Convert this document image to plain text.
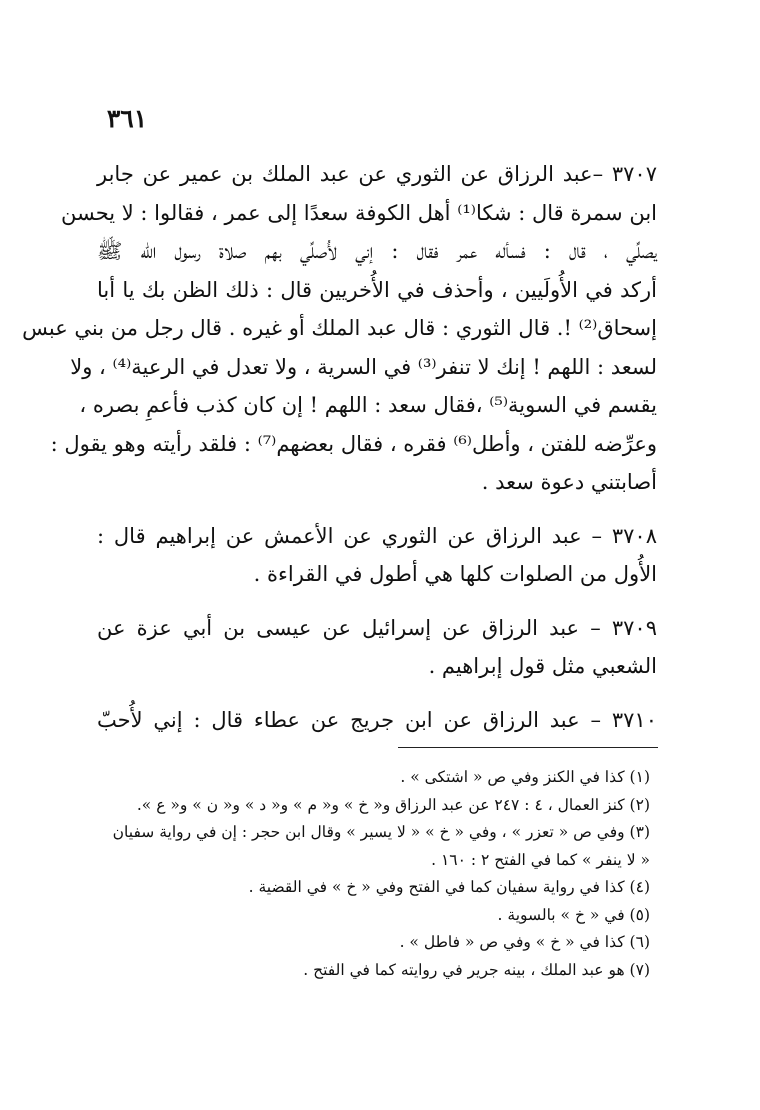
٣٦١
٣٧٠٧ –عبد الرزاق عن الثوري عن عبد الملك بن عمير عن جابر
ابن سمرة قال : شكا⁽¹⁾ أهل الكوفة سعدًا إلى عمر ، فقالوا : لا يحسن
يصلِّي ، قال : فسأله عمر فقال : إني لأُصلِّي بهم صلاة رسول الله ﷺ
أركد في الأُولَيين ، وأحذف في الأُخريين قال : ذلك الظن بك يا أبا
إسحاق⁽²⁾ !. قال الثوري : قال عبد الملك أو غيره . قال رجل من بني عبس
لسعد : اللهم ! إنك لا تنفر⁽³⁾ في السرية ، ولا تعدل في الرعية⁽⁴⁾ ، ولا
يقسم في السوية⁽⁵⁾ ،فقال سعد : اللهم ! إن كان كذب فأعمِ بصره ،
وعرِّضه للفتن ، وأطل⁽⁶⁾ فقره ، فقال بعضهم⁽⁷⁾ : فلقد رأيته وهو يقول :
أصابتني دعوة سعد .
٣٧٠٨ – عبد الرزاق عن الثوري عن الأعمش عن إبراهيم قال :
الأُول من الصلوات كلها هي أطول في القراءة .
٣٧٠٩ – عبد الرزاق عن إسرائيل عن عيسى بن أبي عزة عن
الشعبي مثل قول إبراهيم .
٣٧١٠ – عبد الرزاق عن ابن جريج عن عطاء قال : إني لأُحبّ
(١) كذا في الكنز وفي ص « اشتكى » .
(٢) كنز العمال ، ٤ : ٢٤٧ عن عبد الرزاق و« خ » و« م » و« د » و« ن » و« ع ».
(٣) وفي ص « تعزر » ، وفي « خ » « لا يسير » وقال ابن حجر : إن في رواية سفيان
« لا ينفر » كما في الفتح ٢ : ١٦٠ .
(٤) كذا في رواية سفيان كما في الفتح وفي « خ » في القضية .
(٥) في « خ » بالسوية .
(٦) كذا في « خ » وفي ص « فاطل » .
(٧) هو عبد الملك ، بينه جرير في روايته كما في الفتح .
